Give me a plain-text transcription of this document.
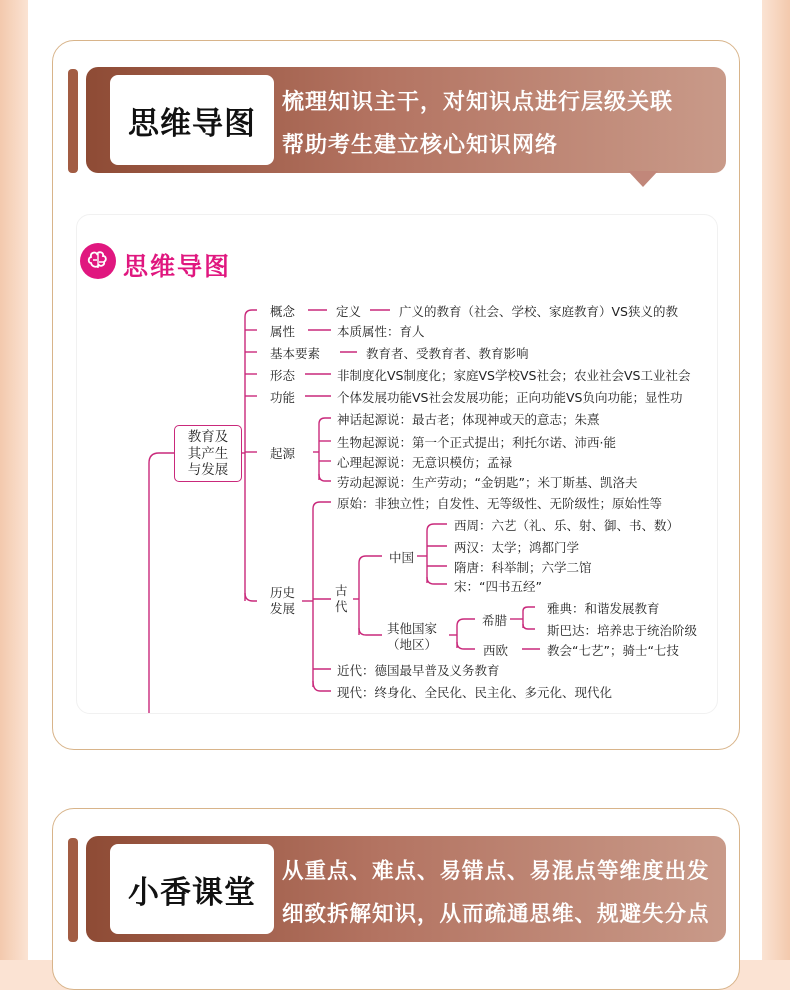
思维导图
梳理知识主干，对知识点进行层级关联
帮助考生建立核心知识网络
思维导图
教育及
其产生
与发展
概念	定义	广义的教育（社会、学校、家庭教育）VS狭义的教
属性	本质属性：育人
基本要素	教育者、受教育者、教育影响
形态	非制度化VS制度化；家庭VS学校VS社会；农业社会VS工业社会
功能	个体发展功能VS社会发展功能；正向功能VS负向功能；显性功
起源
神话起源说：最古老；体现神或天的意志；朱熹
生物起源说：第一个正式提出；利托尔诺、沛西·能
心理起源说：无意识模仿；孟禄
劳动起源说：生产劳动；“金钥匙”；米丁斯基、凯洛夫
历史
发展
原始：非独立性；自发性、无等级性、无阶级性；原始性等
古
代
中国
西周：六艺（礼、乐、射、御、书、数）
两汉：太学；鸿都门学
隋唐：科举制；六学二馆
宋：“四书五经”
其他国家
（地区）
希腊
雅典：和谐发展教育
斯巴达：培养忠于统治阶级
西欧	教会“七艺”；骑士“七技
近代：德国最早普及义务教育
现代：终身化、全民化、民主化、多元化、现代化
小香课堂
从重点、难点、易错点、易混点等维度出发
细致拆解知识，从而疏通思维、规避失分点
